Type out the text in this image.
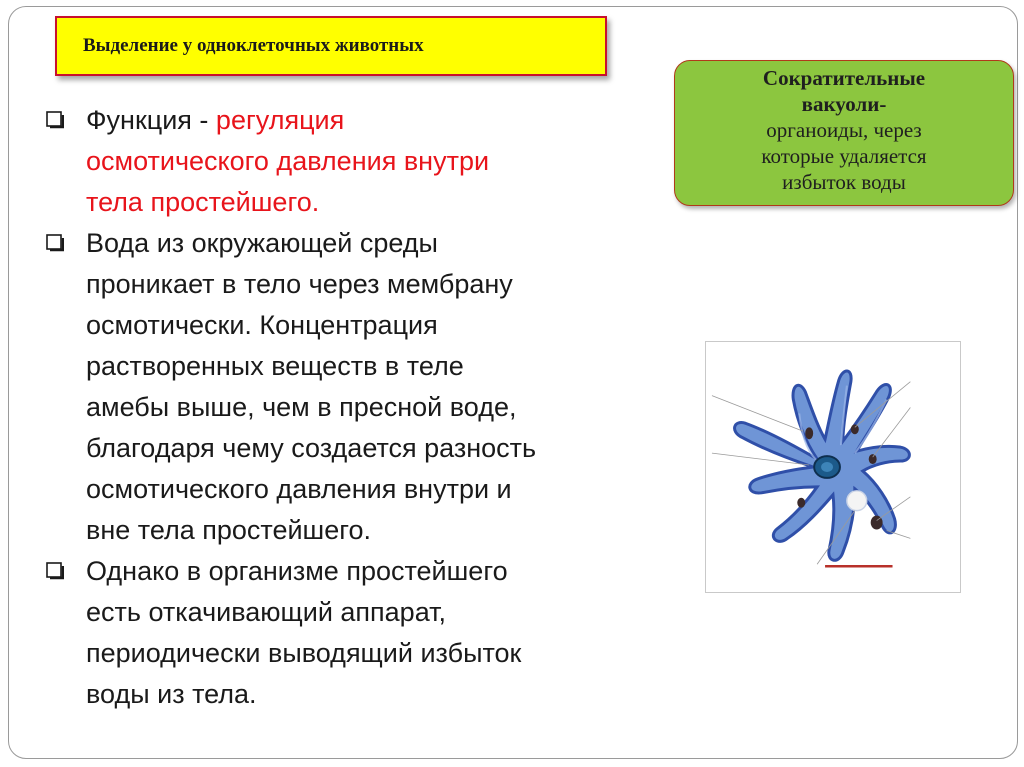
Выделение у одноклеточных животных
Сократительные
вакуоли-
органоиды, через
которые удаляется
избыток воды
Функция - регуляция
осмотического давления внутри
тела простейшего.
Вода из окружающей среды
проникает в тело через мембрану
осмотически. Концентрация
растворенных веществ в теле
амебы выше, чем в пресной воде,
благодаря чему создается разность
осмотического давления внутри и
вне тела простейшего.
Однако в организме простейшего
есть откачивающий аппарат,
периодически выводящий избыток
воды из тела.
